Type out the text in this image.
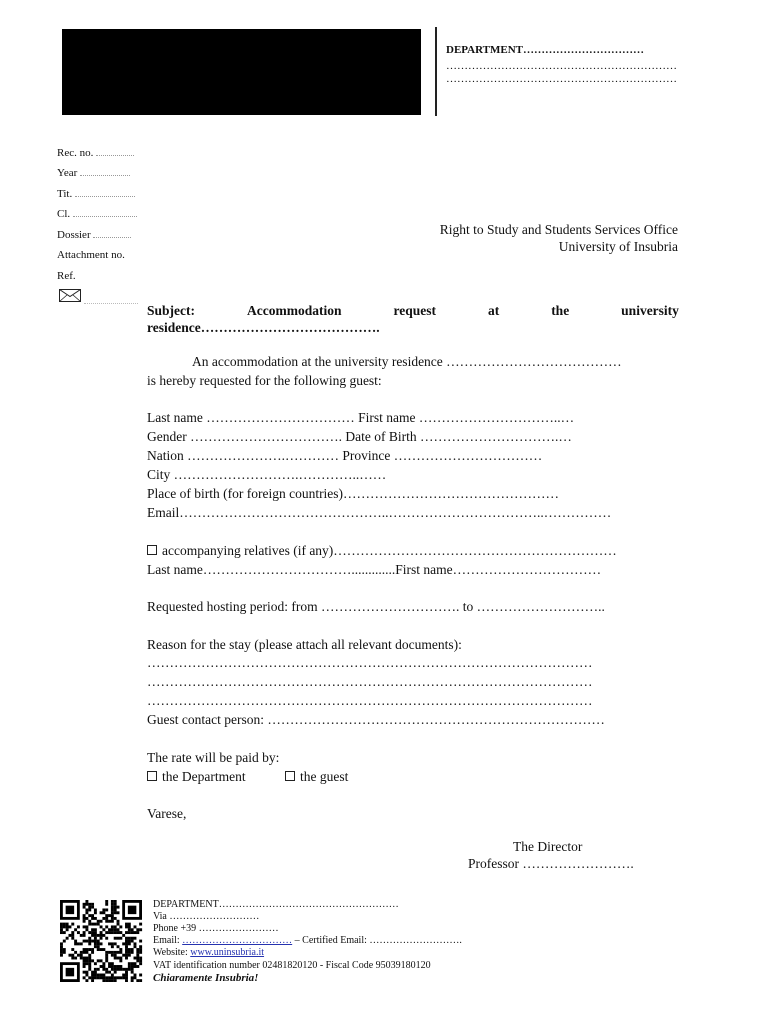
DEPARTMENT……………………………
………………………………………………………
………………………………………………………
Rec. no.
Year
Tit.
Cl.
Dossier
Attachment no.
Ref.
Right to Study and Students Services Office
University of Insubria
Subject:	Accommodation	request	at	the	university
residence………………………………….
An accommodation at the university residence …………………………………
is hereby requested for the following guest:
Last name …………………………… First name …………………………..…
Gender ……………………………. Date of Birth ………………………….…
Nation ………………….………… Province ……………………………
City ……………………….…………..……
Place of birth (for foreign countries)…………………………………………
Email………………………………………..……………………………..……………
accompanying relatives (if any)………………………………………………………
Last name…………………………….............First name……………………………
Requested hosting period: from …………………………. to ………………………..
Reason for the stay (please attach all relevant documents):
………………………………………………………………………………………
………………………………………………………………………………………
………………………………………………………………………………………
Guest contact person: …………………………………………………………………
The rate will be paid by:
the Department	the guest
Varese,
The Director
Professor …………………….
DEPARTMENT………………………………………………
Via ………………………
Phone +39 ……………………
Email: …………………………… – Certified Email: ……………………….
Website: www.uninsubria.it
VAT identification number 02481820120 - Fiscal Code 95039180120
Chiaramente Insubria!
